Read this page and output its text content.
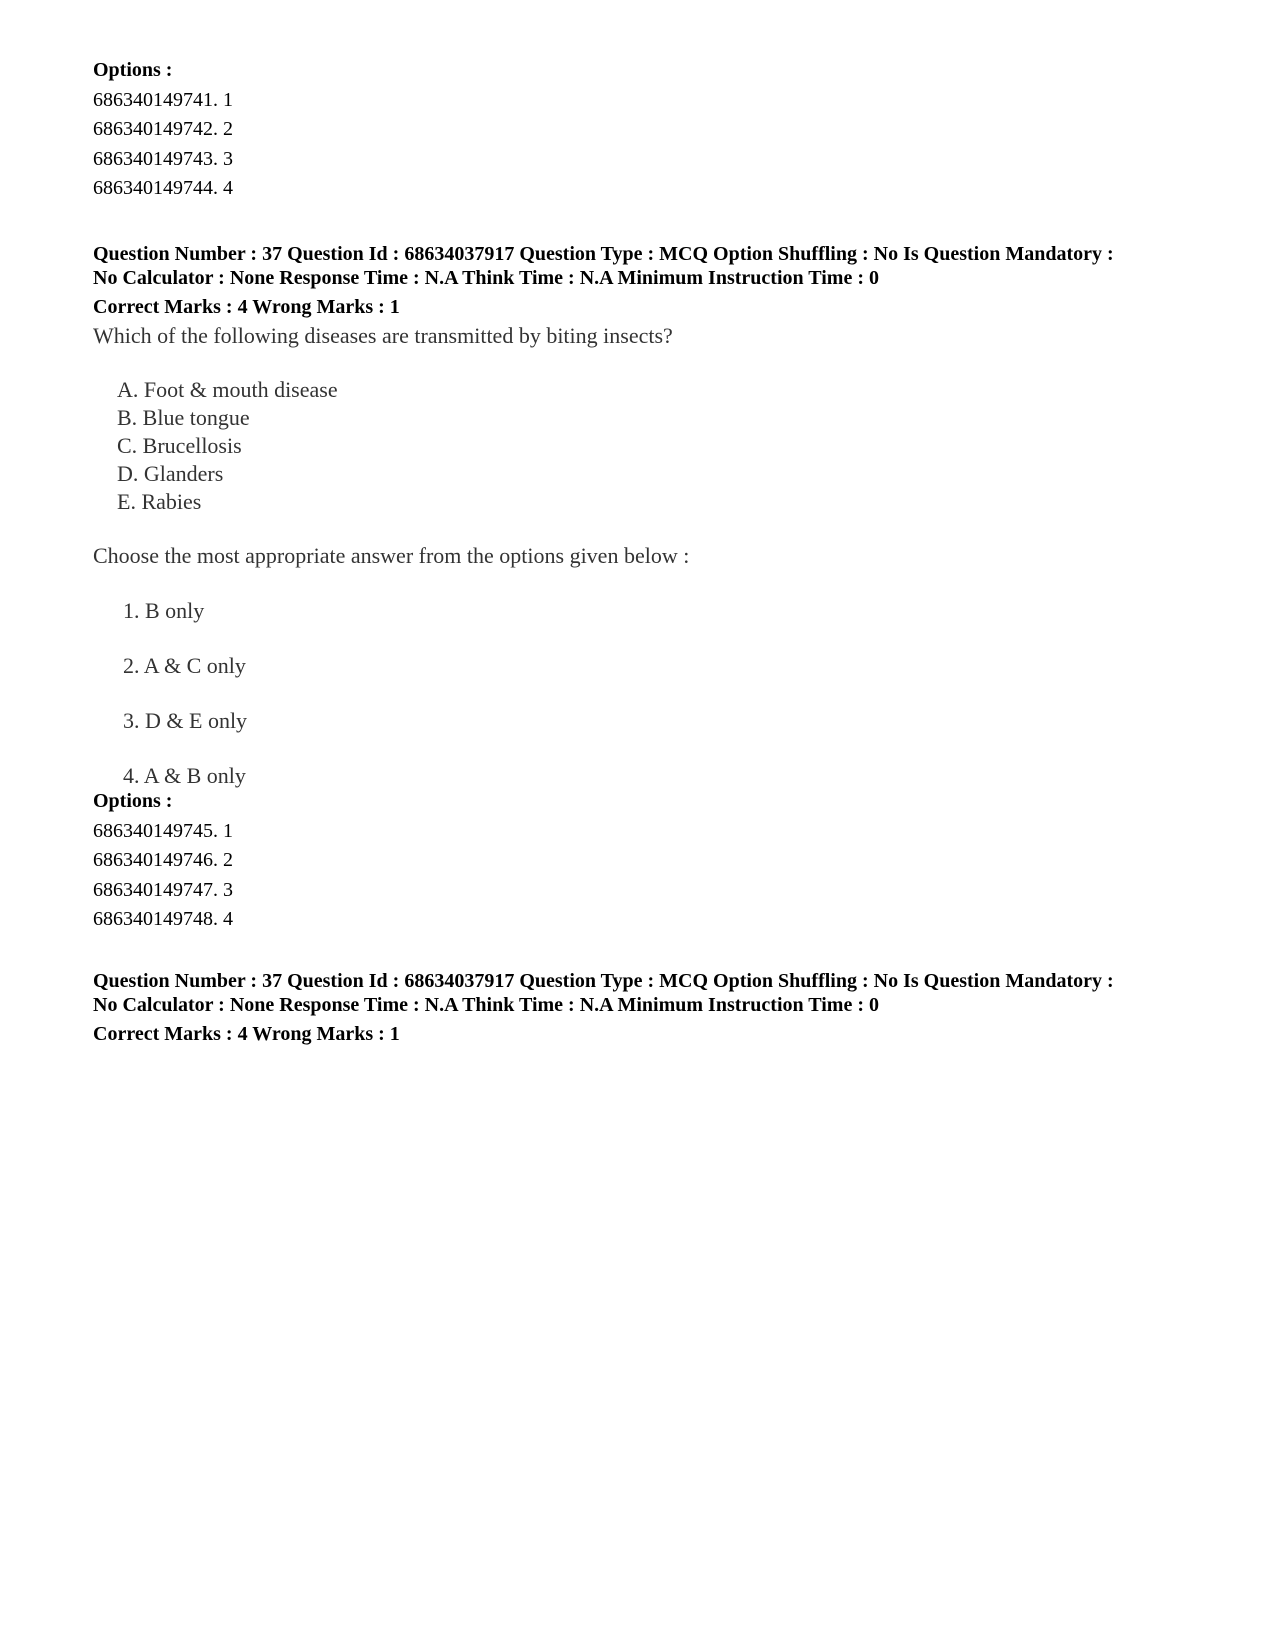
Options :
686340149741. 1
686340149742. 2
686340149743. 3
686340149744. 4
Question Number : 37 Question Id : 68634037917 Question Type : MCQ Option Shuffling : No Is Question Mandatory :
No Calculator : None Response Time : N.A Think Time : N.A Minimum Instruction Time : 0
Correct Marks : 4 Wrong Marks : 1
Which of the following diseases are transmitted by biting insects?
A. Foot & mouth disease
B. Blue tongue
C. Brucellosis
D. Glanders
E. Rabies
Choose the most appropriate answer from the options given below :
1. B only
2. A & C only
3. D & E only
4. A & B only
Options :
686340149745. 1
686340149746. 2
686340149747. 3
686340149748. 4
Question Number : 37 Question Id : 68634037917 Question Type : MCQ Option Shuffling : No Is Question Mandatory :
No Calculator : None Response Time : N.A Think Time : N.A Minimum Instruction Time : 0
Correct Marks : 4 Wrong Marks : 1
